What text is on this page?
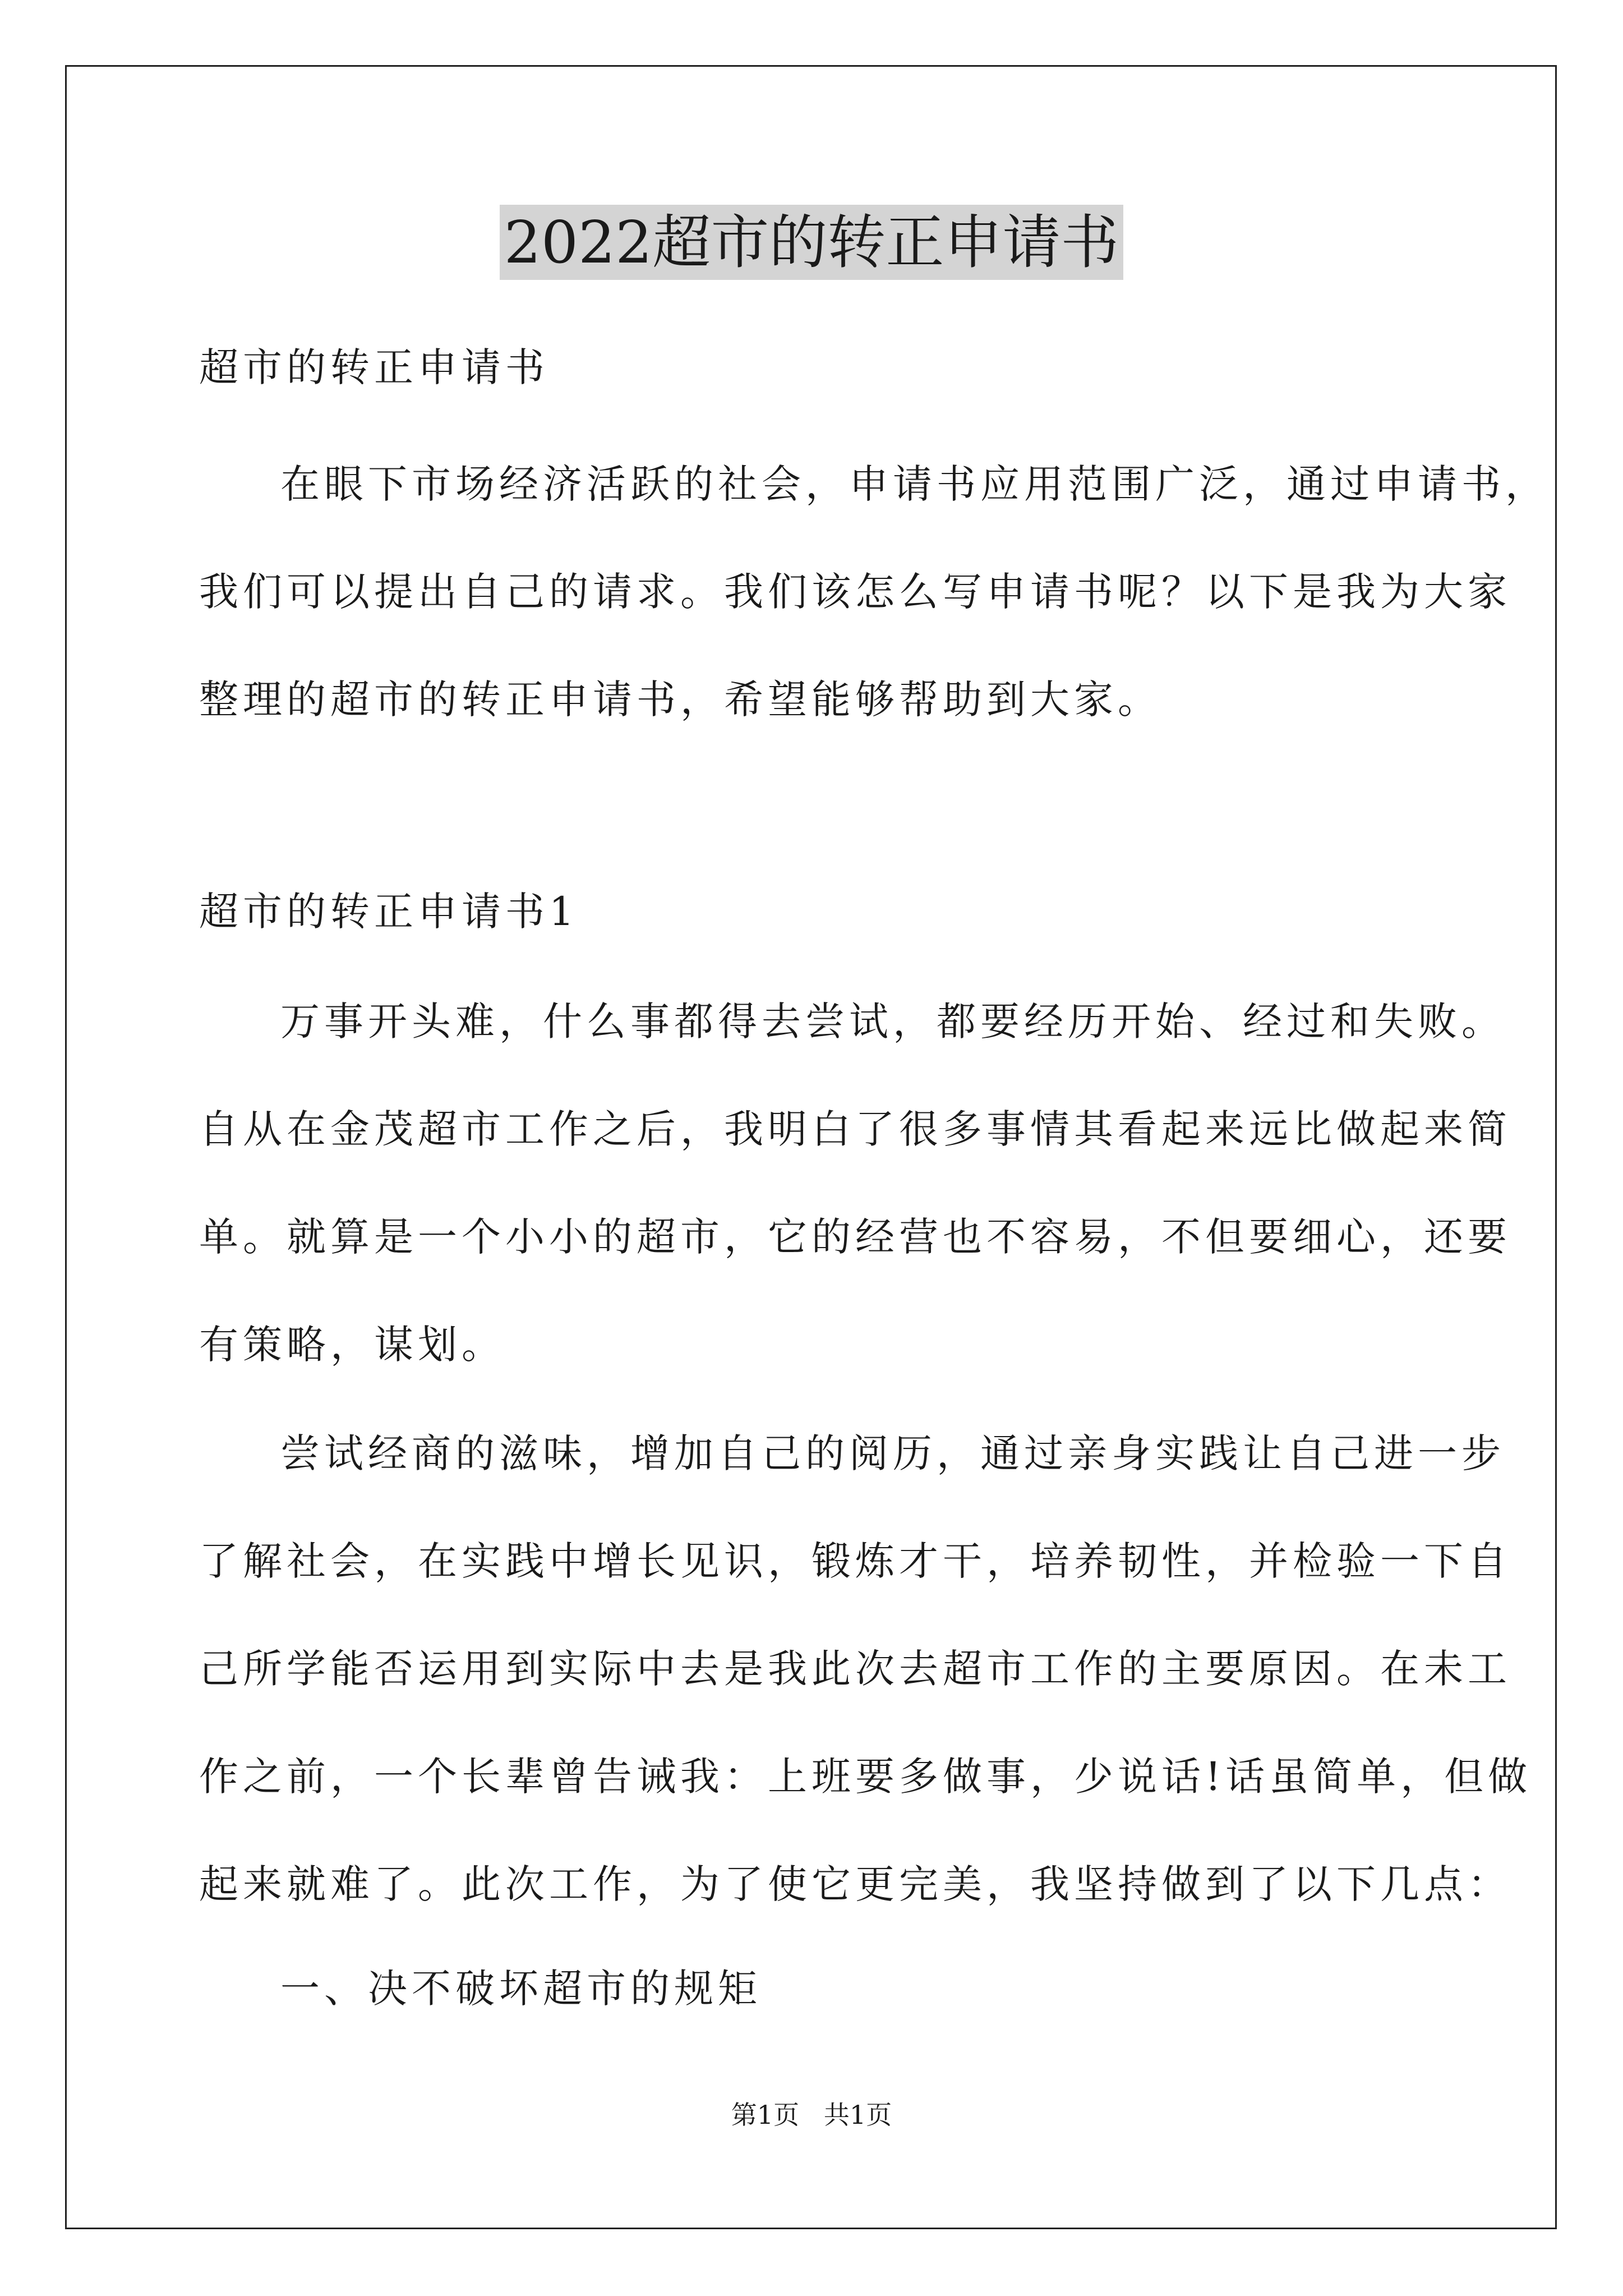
2022超市的转正申请书
超市的转正申请书
在眼下市场经济活跃的社会，申请书应用范围广泛，通过申请书，
我们可以提出自己的请求。我们该怎么写申请书呢？以下是我为大家
整理的超市的转正申请书，希望能够帮助到大家。
超市的转正申请书1
万事开头难，什么事都得去尝试，都要经历开始、经过和失败。
自从在金茂超市工作之后，我明白了很多事情其看起来远比做起来简
单。就算是一个小小的超市，它的经营也不容易，不但要细心，还要
有策略，谋划。
尝试经商的滋味，增加自己的阅历，通过亲身实践让自己进一步
了解社会，在实践中增长见识，锻炼才干，培养韧性，并检验一下自
己所学能否运用到实际中去是我此次去超市工作的主要原因。在未工
作之前，一个长辈曾告诫我：上班要多做事，少说话!话虽简单，但做
起来就难了。此次工作，为了使它更完美，我坚持做到了以下几点：
一、决不破坏超市的规矩
第1页   共1页
